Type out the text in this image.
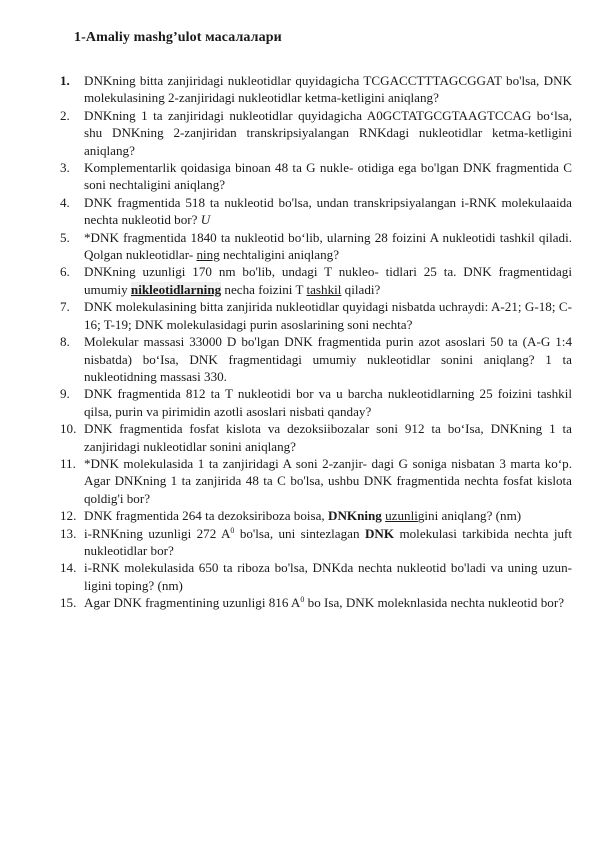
1-Amaliy mashg’ulot масалалари
1.	DNKning bitta zanjiridagi nukleotidlar quyidagicha TCGACCTTTAGCGGAT bo'lsa, DNK molekulasining 2-zanjiridagi nukleotidlar ketma-ketligini aniqlang?
2.	DNKning 1 ta zanjiridagi nukleotidlar quyidagicha A0GCTATGCGTAAGTCCAG bo‘lsa, shu DNKning 2-zanjiridan transkripsiyalangan RNKdagi nukleotidlar ketma-ketligini aniqlang?
3.	Komplementarlik qoidasiga binoan 48 ta G nukle- otidiga ega bo'lgan DNK fragmentida C soni nechtaligini aniqlang?
4.	DNK fragmentida 518 ta nukleotid bo'lsa, undan transkripsiyalangan i-RNK molekulaaida nechta nukleotid bor? U
5.	*DNK fragmentida 1840 ta nukleotid bo‘lib, ularning 28 foizini A nukleotidi tashkil qiladi. Qolgan nukleotidlar- ning nechtaligini aniqlang?
6.	DNKning uzunligi 170 nm bo'lib, undagi T nukleo- tidlari 25 ta. DNK fragmentidagi umumiy nikleotidlarning necha foizini T tashkil qiladi?
7.	DNK molekulasining bitta zanjirida nukleotidlar quyidagi nisbatda uchraydi: A-21; G-18; C-16; T-19; DNK molekulasidagi purin asoslarining soni nechta?
8.	Molekular massasi 33000 D bo'lgan DNK fragmentida purin azot asoslari 50 ta (A-G 1:4 nisbatda) bo‘Isa, DNK fragmentidagi umumiy nukleotidlar sonini aniqlang? 1 ta nukleotidning massasi 330.
9.	DNK fragmentida 812 ta T nukleotidi bor va u barcha nukleotidlarning 25 foizini tashkil qilsa, purin va pirimidin azotli asoslari nisbati qanday?
10. DNK fragmentida fosfat kislota va dezoksiibozalar soni 912 ta bo‘Isa, DNKning 1 ta zanjiridagi nukleotidlar sonini aniqlang?
11. *DNK molekulasida 1 ta zanjiridagi A soni 2-zanjir- dagi G soniga nisbatan 3 marta ko‘p. Agar DNKning 1 ta zanjirida 48 ta C bo'lsa, ushbu DNK fragmentida nechta fosfat kislota qoldig'i bor?
12. DNK fragmentida 264 ta dezoksiriboza boisa, DNKning uzunligini aniqlang? (nm)
13. i-RNKning uzunligi 272 $A^0$ bo'lsa, uni sintezlagan DNK molekulasi tarkibida nechta juft nukleotidlar bor?
14. i-RNK molekulasida 650 ta riboza bo'lsa, DNKda nechta nukleotid bo'ladi va uning uzun- ligini toping? (nm)
15. Agar DNK fragmentining uzunligi 816 $A^0$ bo Isa, DNK moleknlasida nechta nukleotid bor?
